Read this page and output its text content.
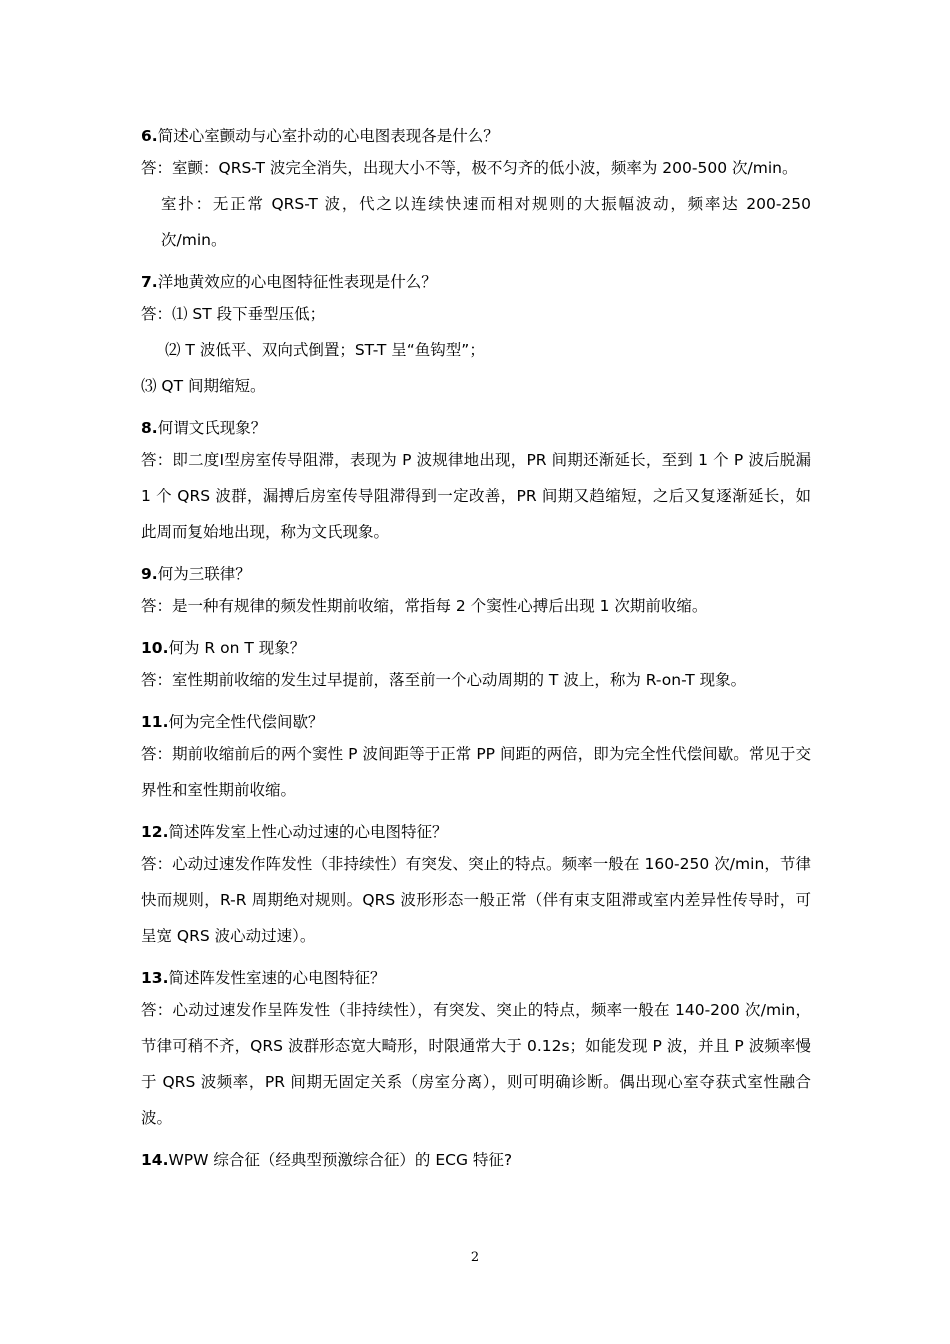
6.简述心室颤动与心室扑动的心电图表现各是什么？

答：室颤：QRS-T 波完全消失，出现大小不等，极不匀齐的低小波，频率为 200-500 次/min。

室扑：无正常 QRS-T 波，代之以连续快速而相对规则的大振幅波动，频率达 200-250 次/min。

7.洋地黄效应的心电图特征性表现是什么？

答：⑴ ST 段下垂型压低；

⑵ T 波低平、双向式倒置；ST-T 呈“鱼钩型”；

⑶ QT 间期缩短。

8.何谓文氏现象？

答：即二度Ⅰ型房室传导阻滞，表现为 P 波规律地出现，PR 间期还渐延长，至到 1 个 P 波后脱漏 1 个 QRS 波群，漏搏后房室传导阻滞得到一定改善，PR 间期又趋缩短，之后又复逐渐延长，如此周而复始地出现，称为文氏现象。

9.何为三联律？

答：是一种有规律的频发性期前收缩，常指每 2 个窦性心搏后出现 1 次期前收缩。

10.何为 R on T 现象？

答：室性期前收缩的发生过早提前，落至前一个心动周期的 T 波上，称为 R-on-T 现象。

11.何为完全性代偿间歇？

答：期前收缩前后的两个窦性 P 波间距等于正常 PP 间距的两倍，即为完全性代偿间歇。常见于交界性和室性期前收缩。

12.简述阵发室上性心动过速的心电图特征？

答：心动过速发作阵发性（非持续性）有突发、突止的特点。频率一般在 160-250 次/min，节律快而规则，R-R 周期绝对规则。QRS 波形形态一般正常（伴有束支阻滞或室内差异性传导时，可呈宽 QRS 波心动过速）。

13.简述阵发性室速的心电图特征？

答：心动过速发作呈阵发性（非持续性），有突发、突止的特点，频率一般在 140-200 次/min，节律可稍不齐，QRS 波群形态宽大畸形，时限通常大于 0.12s；如能发现 P 波，并且 P 波频率慢于 QRS 波频率，PR 间期无固定关系（房室分离），则可明确诊断。偶出现心室夺获式室性融合波。

14.WPW 综合征（经典型预激综合征）的 ECG 特征?
2
